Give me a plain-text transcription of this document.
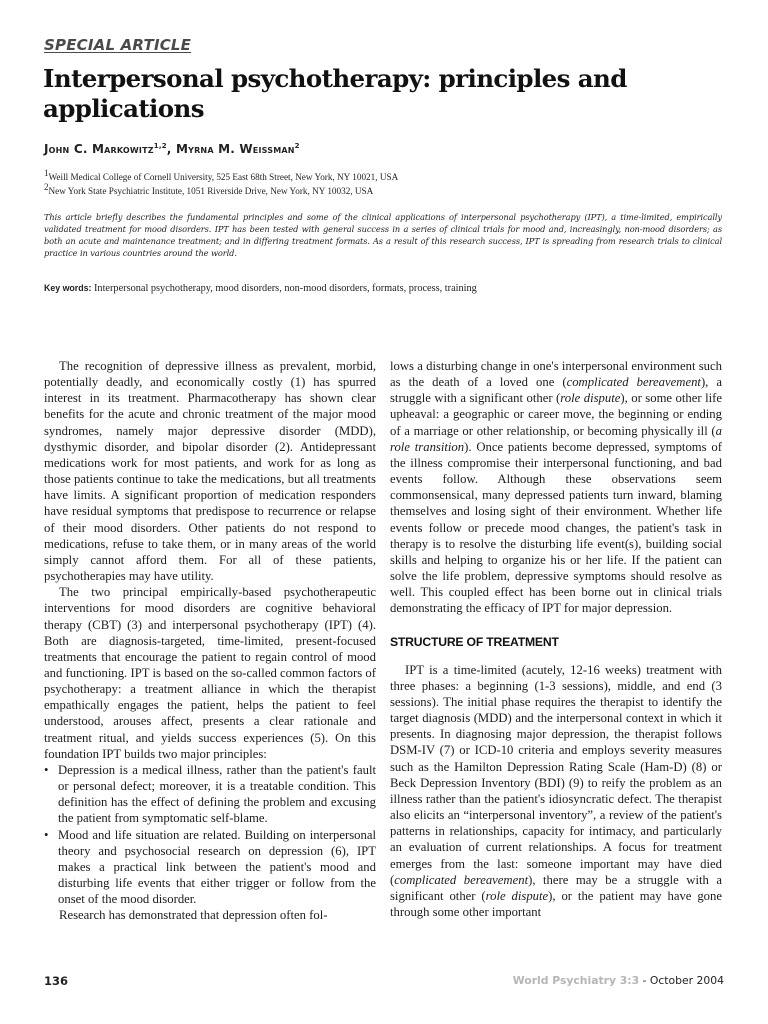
SPECIAL ARTICLE
Interpersonal psychotherapy: principles and applications
John C. Markowitz$^{1,2}$, Myrna M. Weissman$^2$
$^1$Weill Medical College of Cornell University, 525 East 68th Street, New York, NY 10021, USA
$^2$New York State Psychiatric Institute, 1051 Riverside Drive, New York, NY 10032, USA
This article briefly describes the fundamental principles and some of the clinical applications of interpersonal psychotherapy (IPT), a time-limited, empirically validated treatment for mood disorders. IPT has been tested with general success in a series of clinical trials for mood and, increasingly, non-mood disorders; as both an acute and maintenance treatment; and in differing treatment formats. As a result of this research success, IPT is spreading from research trials to clinical practice in various countries around the world.
Key words: Interpersonal psychotherapy, mood disorders, non-mood disorders, formats, process, training

The recognition of depressive illness as prevalent, morbid, potentially deadly, and economically costly (1) has spurred interest in its treatment. Pharmacotherapy has shown clear benefits for the acute and chronic treatment of the major mood syndromes, namely major depressive disorder (MDD), dysthymic disorder, and bipolar disorder (2). Antidepressant medications work for most patients, and work for as long as those patients continue to take the medications, but all treatments have limits. A significant proportion of medication responders have residual symptoms that predispose to recurrence or relapse of their mood disorders. Other patients do not respond to medications, refuse to take them, or in many areas of the world simply cannot afford them. For all of these patients, psychotherapies may have utility.

The two principal empirically-based psychotherapeutic interventions for mood disorders are cognitive behavioral therapy (CBT) (3) and interpersonal psychotherapy (IPT) (4). Both are diagnosis-targeted, time-limited, present-focused treatments that encourage the patient to regain control of mood and functioning. IPT is based on the so-called common factors of psychotherapy: a treatment alliance in which the therapist empathically engages the patient, helps the patient to feel understood, arouses affect, presents a clear rationale and treatment ritual, and yields success experiences (5). On this foundation IPT builds two major principles:

• Depression is a medical illness, rather than the patient's fault or personal defect; moreover, it is a treatable condition. This definition has the effect of defining the problem and excusing the patient from symptomatic self-blame.
• Mood and life situation are related. Building on interpersonal theory and psychosocial research on depression (6), IPT makes a practical link between the patient's mood and disturbing life events that either trigger or follow from the onset of the mood disorder.

Research has demonstrated that depression often fol-

lows a disturbing change in one's interpersonal environment such as the death of a loved one (complicated bereavement), a struggle with a significant other (role dispute), or some other life upheaval: a geographic or career move, the beginning or ending of a marriage or other relationship, or becoming physically ill (a role transition). Once patients become depressed, symptoms of the illness compromise their interpersonal functioning, and bad events follow. Although these observations seem commonsensical, many depressed patients turn inward, blaming themselves and losing sight of their environment. Whether life events follow or precede mood changes, the patient's task in therapy is to resolve the disturbing life event(s), building social skills and helping to organize his or her life. If the patient can solve the life problem, depressive symptoms should resolve as well. This coupled effect has been borne out in clinical trials demonstrating the efficacy of IPT for major depression.

STRUCTURE OF TREATMENT

IPT is a time-limited (acutely, 12-16 weeks) treatment with three phases: a beginning (1-3 sessions), middle, and end (3 sessions). The initial phase requires the therapist to identify the target diagnosis (MDD) and the interpersonal context in which it presents. In diagnosing major depression, the therapist follows DSM-IV (7) or ICD-10 criteria and employs severity measures such as the Hamilton Depression Rating Scale (Ham-D) (8) or Beck Depression Inventory (BDI) (9) to reify the problem as an illness rather than the patient's idiosyncratic defect. The therapist also elicits an “interpersonal inventory”, a review of the patient's patterns in relationships, capacity for intimacy, and particularly an evaluation of current relationships. A focus for treatment emerges from the last: someone important may have died (complicated bereavement), there may be a struggle with a significant other (role dispute), or the patient may have gone through some other important

136	World Psychiatry 3:3 - October 2004
